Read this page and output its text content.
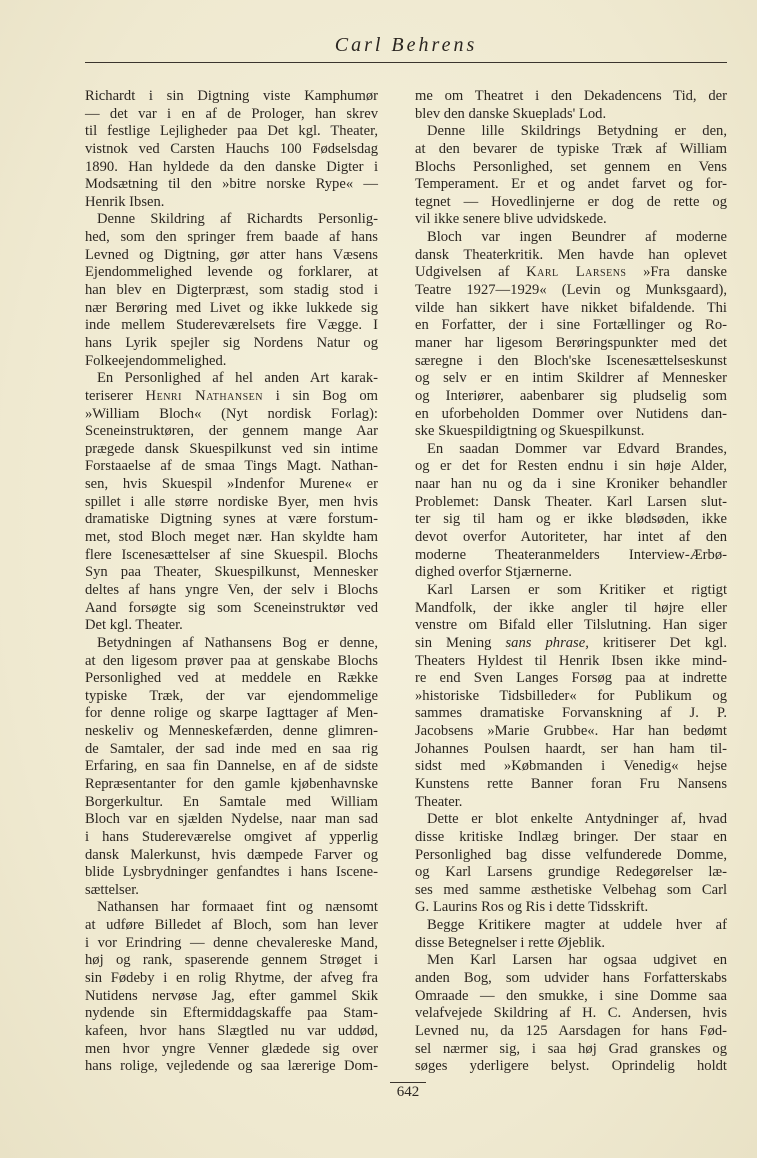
Carl Behrens
Richardt i sin Digtning viste Kamphumør
— det var i en af de Prologer, han skrev
til festlige Lejligheder paa Det kgl. Theater,
vistnok ved Carsten Hauchs 100 Fødselsdag
1890. Han hyldede da den danske Digter i
Modsætning til den »bitre norske Rype« —
Henrik Ibsen.
Denne Skildring af Richardts Personlig-
hed, som den springer frem baade af hans
Levned og Digtning, gør atter hans Væsens
Ejendommelighed levende og forklarer, at
han blev en Digterpræst, som stadig stod i
nær Berøring med Livet og ikke lukkede sig
inde mellem Studereværelsets fire Vægge. I
hans Lyrik spejler sig Nordens Natur og
Folkeejendommelighed.
En Personlighed af hel anden Art karak-
teriserer Henri Nathansen i sin Bog om
»William Bloch« (Nyt nordisk Forlag):
Sceneinstruktøren, der gennem mange Aar
prægede dansk Skuespilkunst ved sin intime
Forstaaelse af de smaa Tings Magt. Nathan-
sen, hvis Skuespil »Indenfor Murene« er
spillet i alle større nordiske Byer, men hvis
dramatiske Digtning synes at være forstum-
met, stod Bloch meget nær. Han skyldte ham
flere Iscenesættelser af sine Skuespil. Blochs
Syn paa Theater, Skuespilkunst, Mennesker
deltes af hans yngre Ven, der selv i Blochs
Aand forsøgte sig som Sceneinstruktør ved
Det kgl. Theater.
Betydningen af Nathansens Bog er denne,
at den ligesom prøver paa at genskabe Blochs
Personlighed ved at meddele en Række
typiske Træk, der var ejendommelige
for denne rolige og skarpe Iagttager af Men-
neskeliv og Menneskefærden, denne glimren-
de Samtaler, der sad inde med en saa rig
Erfaring, en saa fin Dannelse, en af de sidste
Repræsentanter for den gamle kjøbenhavnske
Borgerkultur. En Samtale med William
Bloch var en sjælden Nydelse, naar man sad
i hans Studereværelse omgivet af ypperlig
dansk Malerkunst, hvis dæmpede Farver og
blide Lysbrydninger genfandtes i hans Iscene-
sættelser.
Nathansen har formaaet fint og nænsomt
at udføre Billedet af Bloch, som han lever
i vor Erindring — denne chevalereske Mand,
høj og rank, spaserende gennem Strøget i
sin Fødeby i en rolig Rhytme, der afveg fra
Nutidens nervøse Jag, efter gammel Skik
nydende sin Eftermiddagskaffe paa Stam-
kafeen, hvor hans Slægtled nu var uddød,
men hvor yngre Venner glædede sig over
hans rolige, vejledende og saa lærerige Dom-
me om Theatret i den Dekadencens Tid, der
blev den danske Skueplads' Lod.
Denne lille Skildrings Betydning er den,
at den bevarer de typiske Træk af William
Blochs Personlighed, set gennem en Vens
Temperament. Er et og andet farvet og for-
tegnet — Hovedlinjerne er dog de rette og
vil ikke senere blive udvidskede.
Bloch var ingen Beundrer af moderne
dansk Theaterkritik. Men havde han oplevet
Udgivelsen af Karl Larsens »Fra danske
Teatre 1927—1929« (Levin og Munksgaard),
vilde han sikkert have nikket bifaldende. Thi
en Forfatter, der i sine Fortællinger og Ro-
maner har ligesom Berøringspunkter med det
særegne i den Bloch'ske Iscenesættelseskunst
og selv er en intim Skildrer af Mennesker
og Interiører, aabenbarer sig pludselig som
en uforbeholden Dommer over Nutidens dan-
ske Skuespildigtning og Skuespilkunst.
En saadan Dommer var Edvard Brandes,
og er det for Resten endnu i sin høje Alder,
naar han nu og da i sine Kroniker behandler
Problemet: Dansk Theater. Karl Larsen slut-
ter sig til ham og er ikke blødsøden, ikke
devot overfor Autoriteter, har intet af den
moderne Theateranmelders Interview-Ærbø-
dighed overfor Stjærnerne.
Karl Larsen er som Kritiker et rigtigt
Mandfolk, der ikke angler til højre eller
venstre om Bifald eller Tilslutning. Han siger
sin Mening sans phrase, kritiserer Det kgl.
Theaters Hyldest til Henrik Ibsen ikke mind-
re end Sven Langes Forsøg paa at indrette
»historiske Tidsbilleder« for Publikum og
sammes dramatiske Forvanskning af J. P.
Jacobsens »Marie Grubbe«. Har han bedømt
Johannes Poulsen haardt, ser han ham til-
sidst med »Købmanden i Venedig« hejse
Kunstens rette Banner foran Fru Nansens
Theater.
Dette er blot enkelte Antydninger af, hvad
disse kritiske Indlæg bringer. Der staar en
Personlighed bag disse velfunderede Domme,
og Karl Larsens grundige Redegørelser læ-
ses med samme æsthetiske Velbehag som Carl
G. Laurins Ros og Ris i dette Tidsskrift.
Begge Kritikere magter at uddele hver af
disse Betegnelser i rette Øjeblik.
Men Karl Larsen har ogsaa udgivet en
anden Bog, som udvider hans Forfatterskabs
Omraade — den smukke, i sine Domme saa
velafvejede Skildring af H. C. Andersen, hvis
Levned nu, da 125 Aarsdagen for hans Fød-
sel nærmer sig, i saa høj Grad granskes og
søges yderligere belyst. Oprindelig holdt
642
